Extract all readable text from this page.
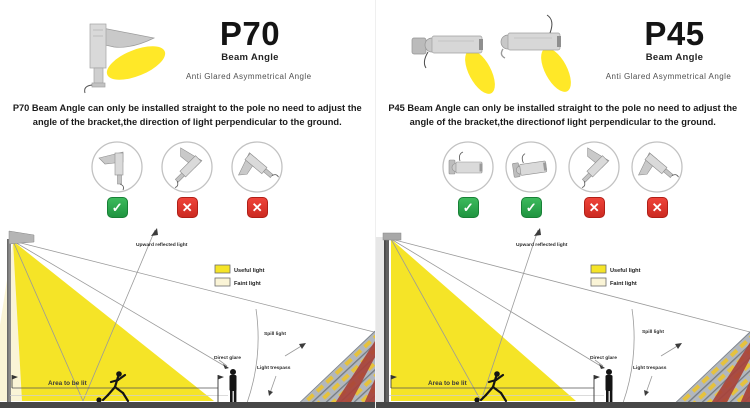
P70
Beam Angle
Anti Glared Asymmetrical Angle
P70 Beam Angle can only be installed straight to the pole no need to adjust the
angle of the bracket,the direction of light perpendicular to the ground.
✓	✕	✕
Useful light
Faint light
Area to be lit
Upward reflected light
Spill light
Direct glare
Light trespass
P45
Beam Angle
Anti Glared Asymmetrical Angle
P45 Beam Angle can only be installed straight to the pole no need to adjust the
angle of the bracket,the directionof light perpendicular to the ground.
✓	✓	✕	✕
Useful light
Faint light
Area to be lit
Upward reflected light
Spill light
Direct glare
Light trespass
